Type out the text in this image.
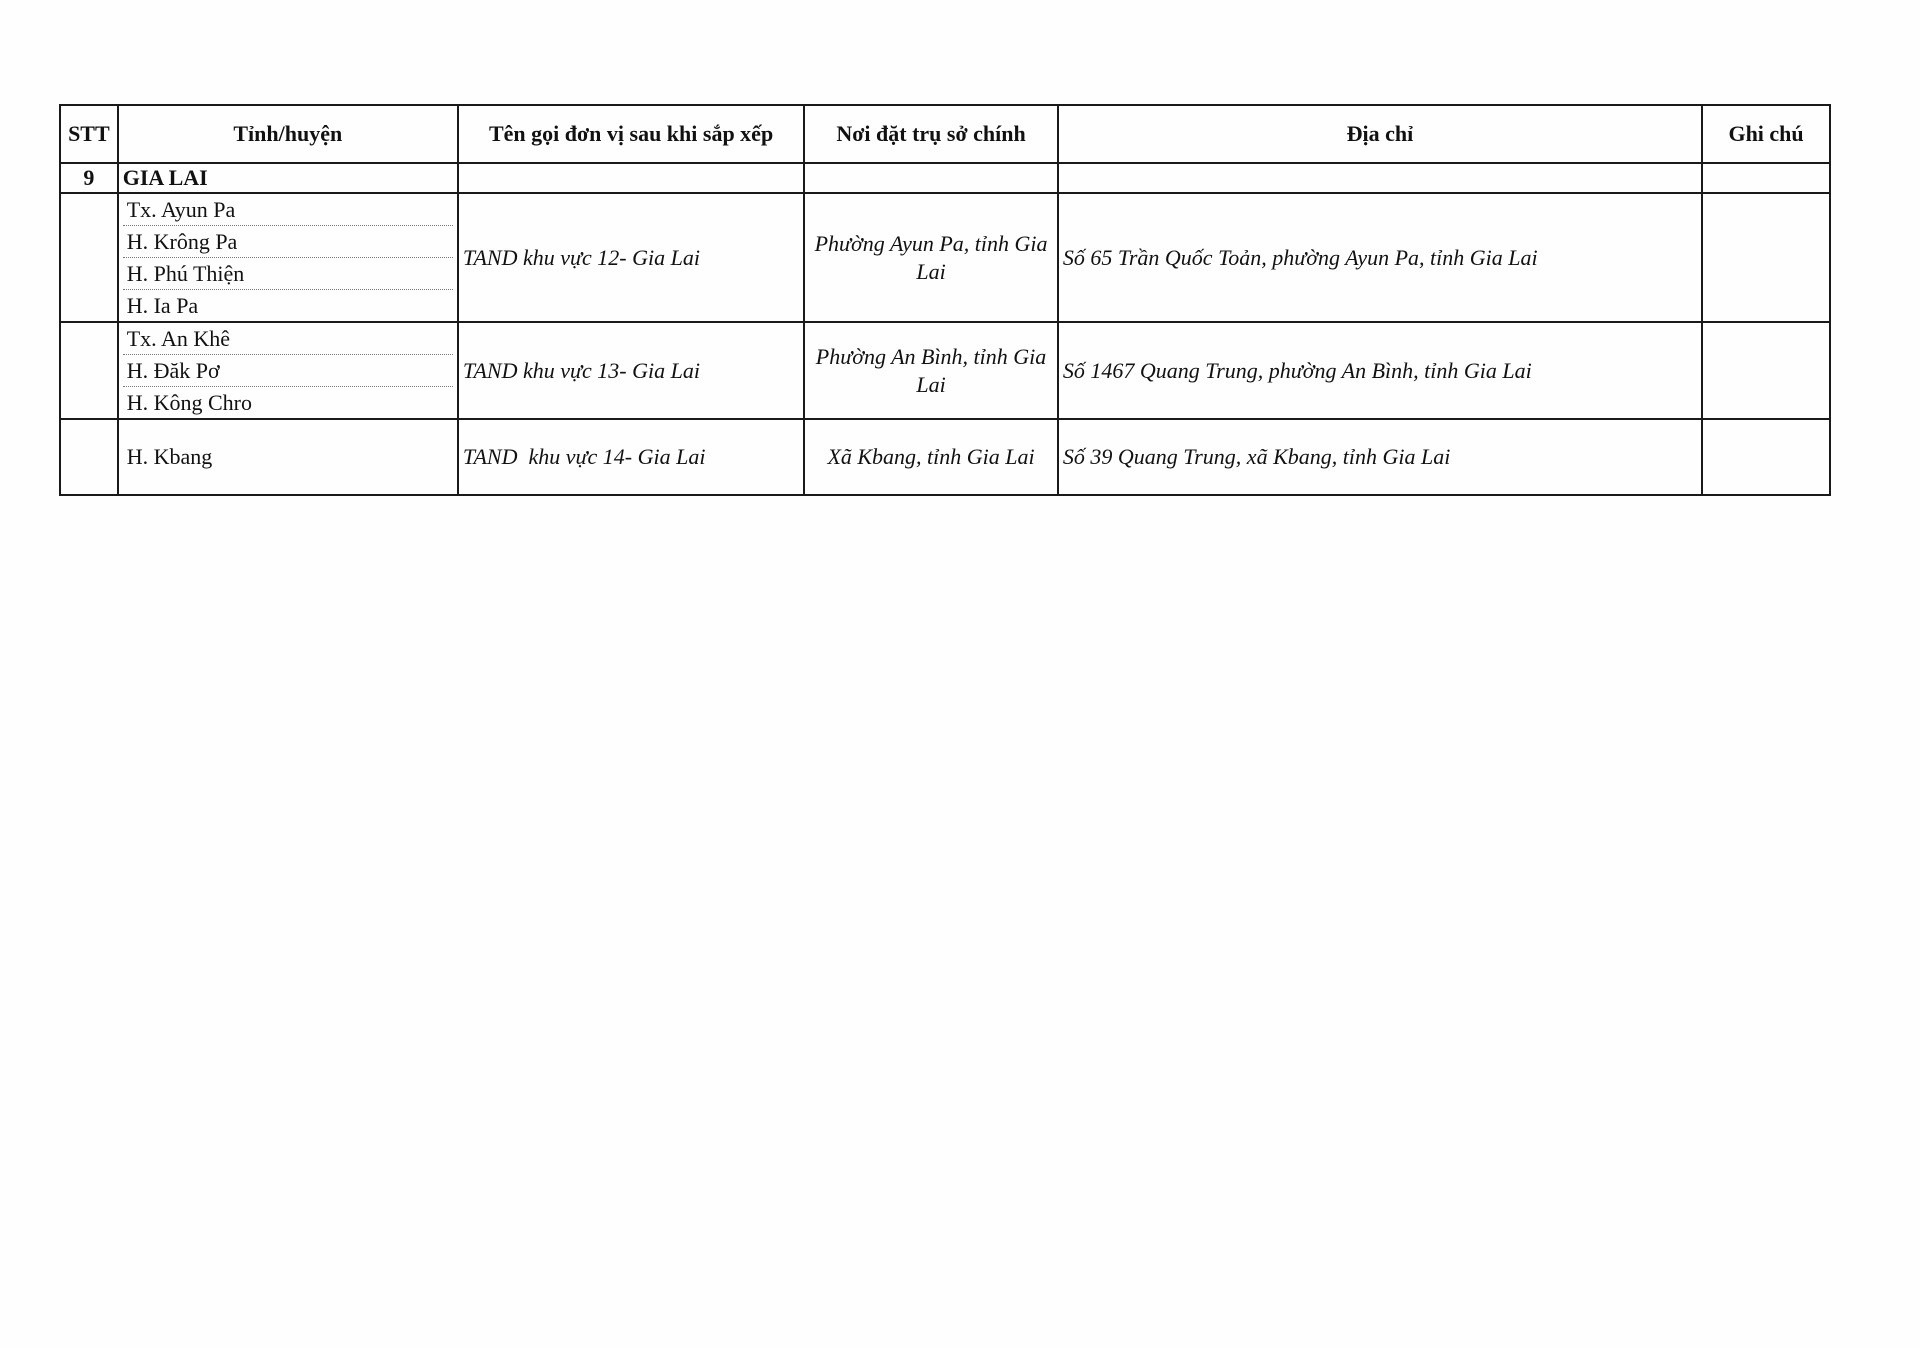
STT	Tỉnh/huyện	Tên gọi đơn vị sau khi sắp xếp	Nơi đặt trụ sở chính	Địa chỉ	Ghi chú
9	GIA LAI				

	Tx. Ayun Pa
H. Krông Pa
H. Phú Thiện
H. Ia Pa	TAND khu vực 12- Gia Lai	Phường Ayun Pa, tỉnh Gia Lai	Số 65 Trần Quốc Toản, phường Ayun Pa, tỉnh Gia Lai	

	Tx. An Khê
H. Đăk Pơ
H. Kông Chro	TAND khu vực 13- Gia Lai	Phường An Bình, tỉnh Gia Lai	Số 1467 Quang Trung, phường An Bình, tỉnh Gia Lai	

	H. Kbang	TAND  khu vực 14- Gia Lai	Xã Kbang, tỉnh Gia Lai	Số 39 Quang Trung, xã Kbang, tỉnh Gia Lai	
